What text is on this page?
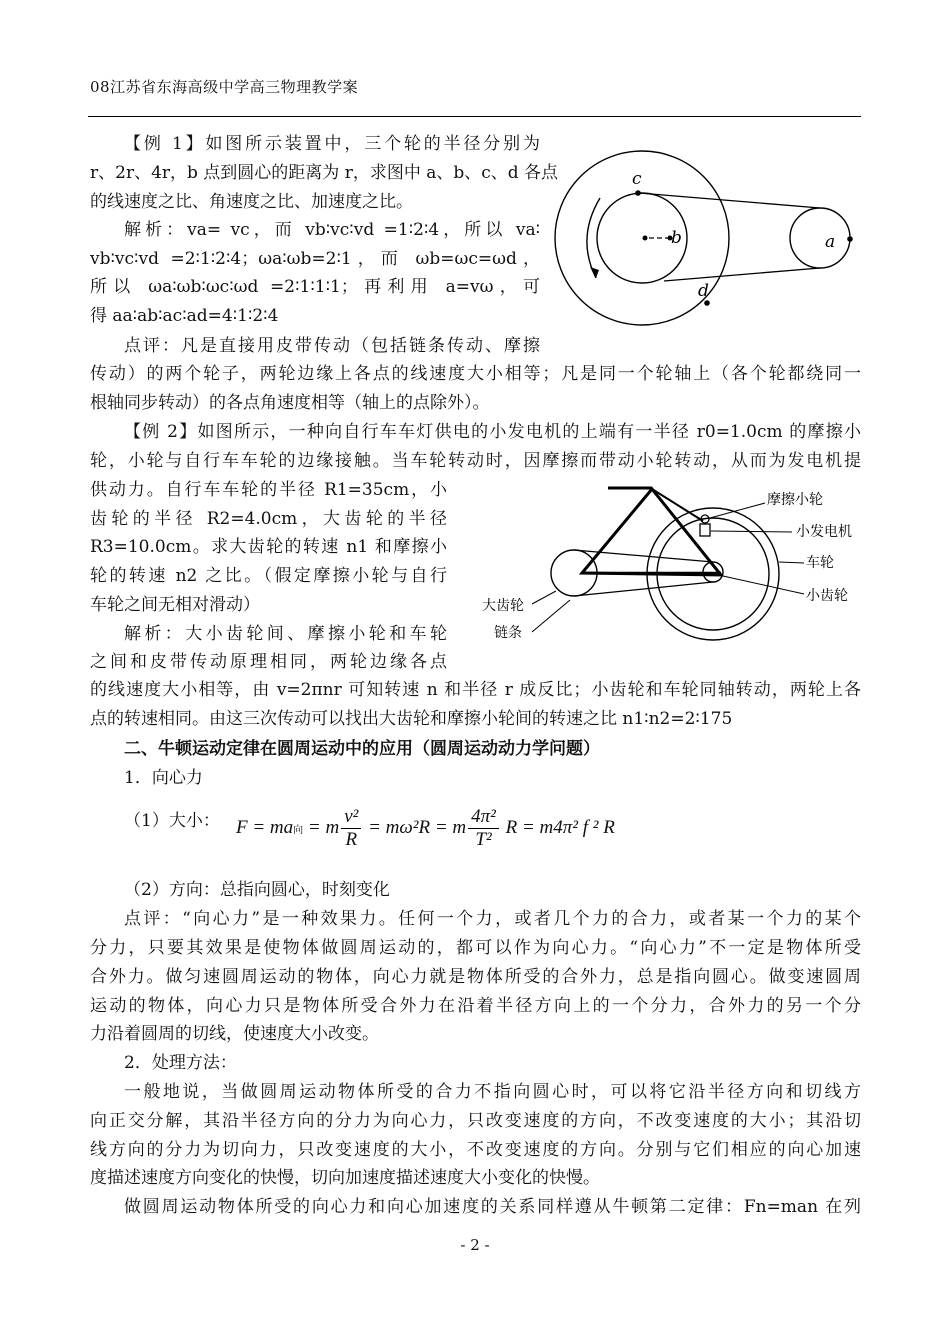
08江苏省东海高级中学高三物理教学案
【例 1】如图所示装置中，三个轮的半径分别为
r、2r、4r，b 点到圆心的距离为 r，求图中 a、b、c、d 各点
的线速度之比、角速度之比、加速度之比。
解析：va= vc，而 vb∶vc∶vd =1∶2∶4，所以 va∶
vb∶vc∶vd =2∶1∶2∶4；ωa∶ωb=2∶1，而 ωb=ωc=ωd，
所以 ωa∶ωb∶ωc∶ωd =2∶1∶1∶1；再利用 a=vω，可
得 aa∶ab∶ac∶ad=4∶1∶2∶4
点评：凡是直接用皮带传动（包括链条传动、摩擦
传动）的两个轮子，两轮边缘上各点的线速度大小相等；凡是同一个轮轴上（各个轮都绕同一
根轴同步转动）的各点角速度相等（轴上的点除外）。
c
b	a
d
【例 2】如图所示，一种向自行车车灯供电的小发电机的上端有一半径 r0=1.0cm 的摩擦小
轮，小轮与自行车车轮的边缘接触。当车轮转动时，因摩擦而带动小轮转动，从而为发电机提
供动力。自行车车轮的半径 R1=35cm，小
齿轮的半径 R2=4.0cm，大齿轮的半径
R3=10.0cm。求大齿轮的转速 n1 和摩擦小
轮的转速 n2 之比。（假定摩擦小轮与自行
车轮之间无相对滑动）
解析：大小齿轮间、摩擦小轮和车轮
之间和皮带传动原理相同，两轮边缘各点
的线速度大小相等，由 v=2πnr 可知转速 n 和半径 r 成反比；小齿轮和车轮同轴转动，两轮上各
点的转速相同。由这三次传动可以找出大齿轮和摩擦小轮间的转速之比 n1∶n2=2∶175
摩擦小轮
小发电机
车轮
小齿轮
大齿轮
链条
二、牛顿运动定律在圆周运动中的应用（圆周运动动力学问题）
1．向心力
（1）大小： F = ma向 = m $\frac{\text{v²}}{R} = m\omega^2R = m \frac{\text{4π²}}{\text{T²}}$ R = m4π² f ² R
（2）方向：总指向圆心，时刻变化
点评：“向心力”是一种效果力。任何一个力，或者几个力的合力，或者某一个力的某个
分力，只要其效果是使物体做圆周运动的，都可以作为向心力。“向心力”不一定是物体所受
合外力。做匀速圆周运动的物体，向心力就是物体所受的合外力，总是指向圆心。做变速圆周
运动的物体，向心力只是物体所受合外力在沿着半径方向上的一个分力，合外力的另一个分
力沿着圆周的切线，使速度大小改变。
2．处理方法：
一般地说，当做圆周运动物体所受的合力不指向圆心时，可以将它沿半径方向和切线方
向正交分解，其沿半径方向的分力为向心力，只改变速度的方向，不改变速度的大小；其沿切
线方向的分力为切向力，只改变速度的大小，不改变速度的方向。分别与它们相应的向心加速
度描述速度方向变化的快慢，切向加速度描述速度大小变化的快慢。
做圆周运动物体所受的向心力和向心加速度的关系同样遵从牛顿第二定律：Fn=man 在列
- 2 -
